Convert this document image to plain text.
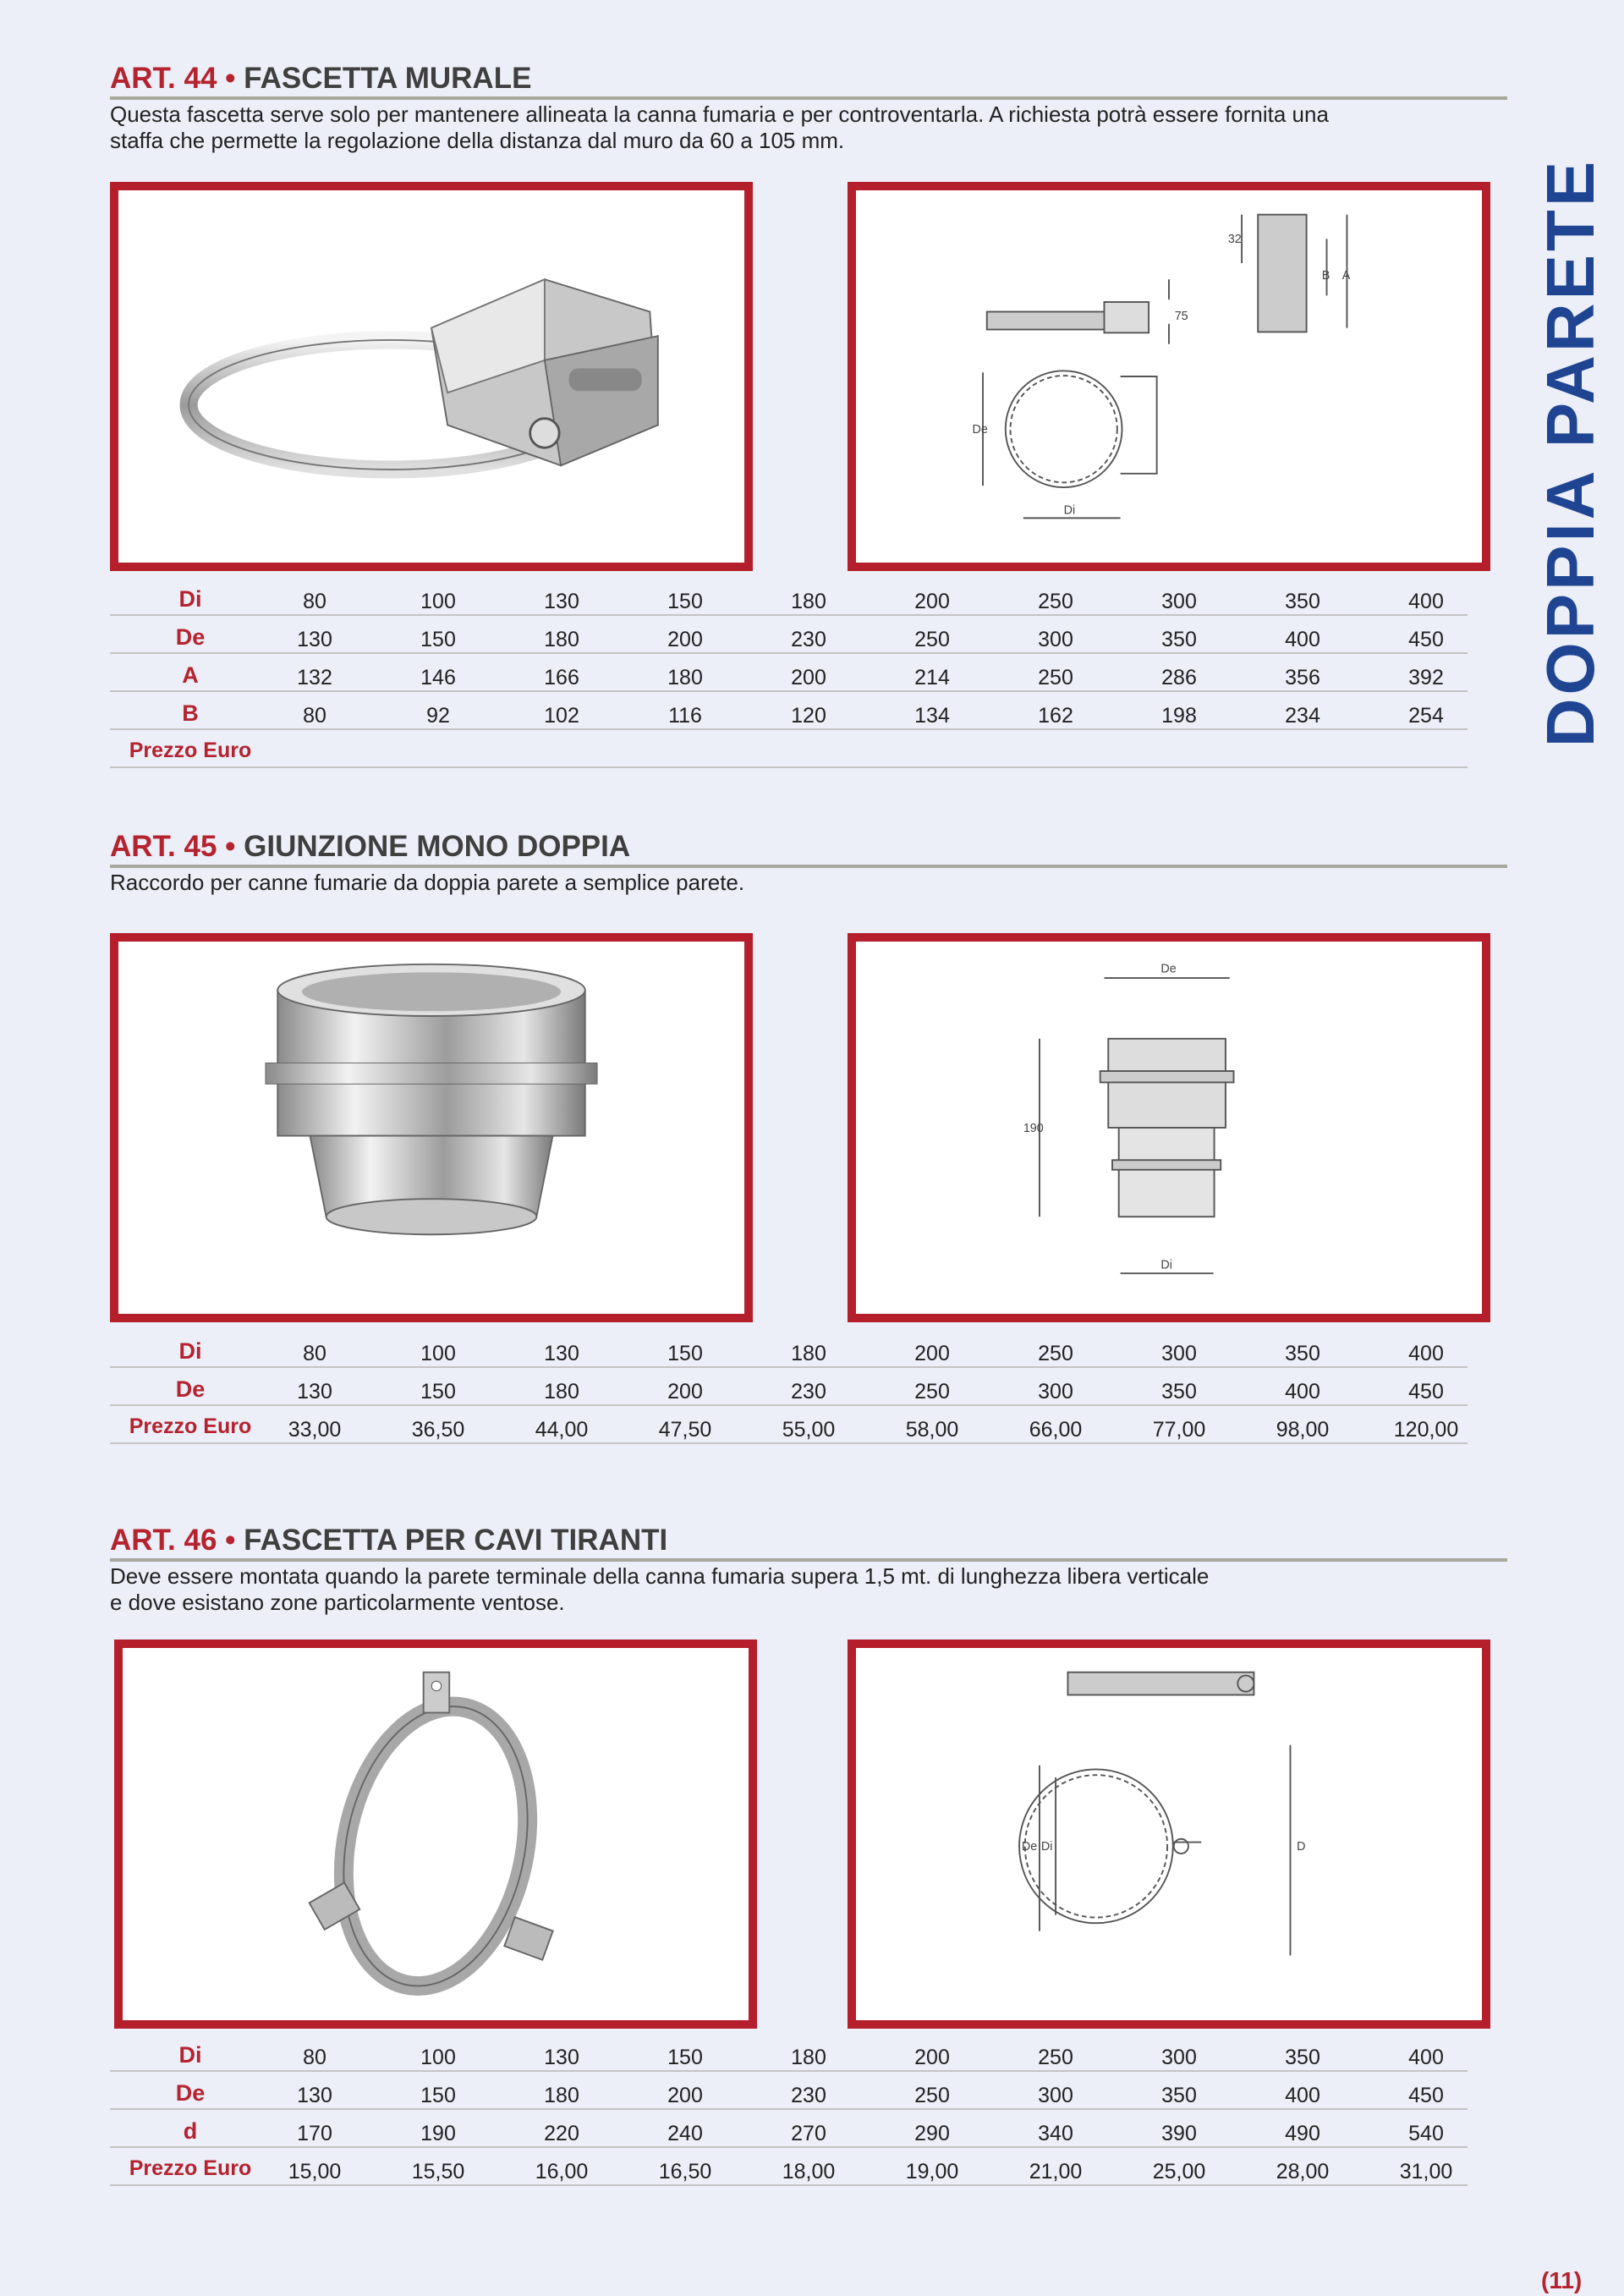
DOPPIA PARETE
ART. 44 • FASCETTA MURALE
Questa fascetta serve solo per mantenere allineata la canna fumaria e per controventarla. A richiesta potrà essere fornita una
staffa che permette la regolazione della distanza dal muro da 60 a 105 mm.
De
Di
75
32
B A
Di	80	100	130	150	180	200	250	300	350	400
De	130	150	180	200	230	250	300	350	400	450
A	132	146	166	180	200	214	250	286	356	392
B	80	92	102	116	120	134	162	198	234	254
Prezzo Euro
ART. 45 • GIUNZIONE MONO DOPPIA
Raccordo per canne fumarie da doppia parete a semplice parete.
De
190
Di
Di	80	100	130	150	180	200	250	300	350	400
De	130	150	180	200	230	250	300	350	400	450
Prezzo Euro	33,00	36,50	44,00	47,50	55,00	58,00	66,00	77,00	98,00	120,00
ART. 46 • FASCETTA PER CAVI TIRANTI
Deve essere montata quando la parete terminale della canna fumaria supera 1,5 mt. di lunghezza libera verticale
e dove esistano zone particolarmente ventose.
De Di	D
Di	80	100	130	150	180	200	250	300	350	400
De	130	150	180	200	230	250	300	350	400	450
d	170	190	220	240	270	290	340	390	490	540
Prezzo Euro	15,00	15,50	16,00	16,50	18,00	19,00	21,00	25,00	28,00	31,00
(11)
